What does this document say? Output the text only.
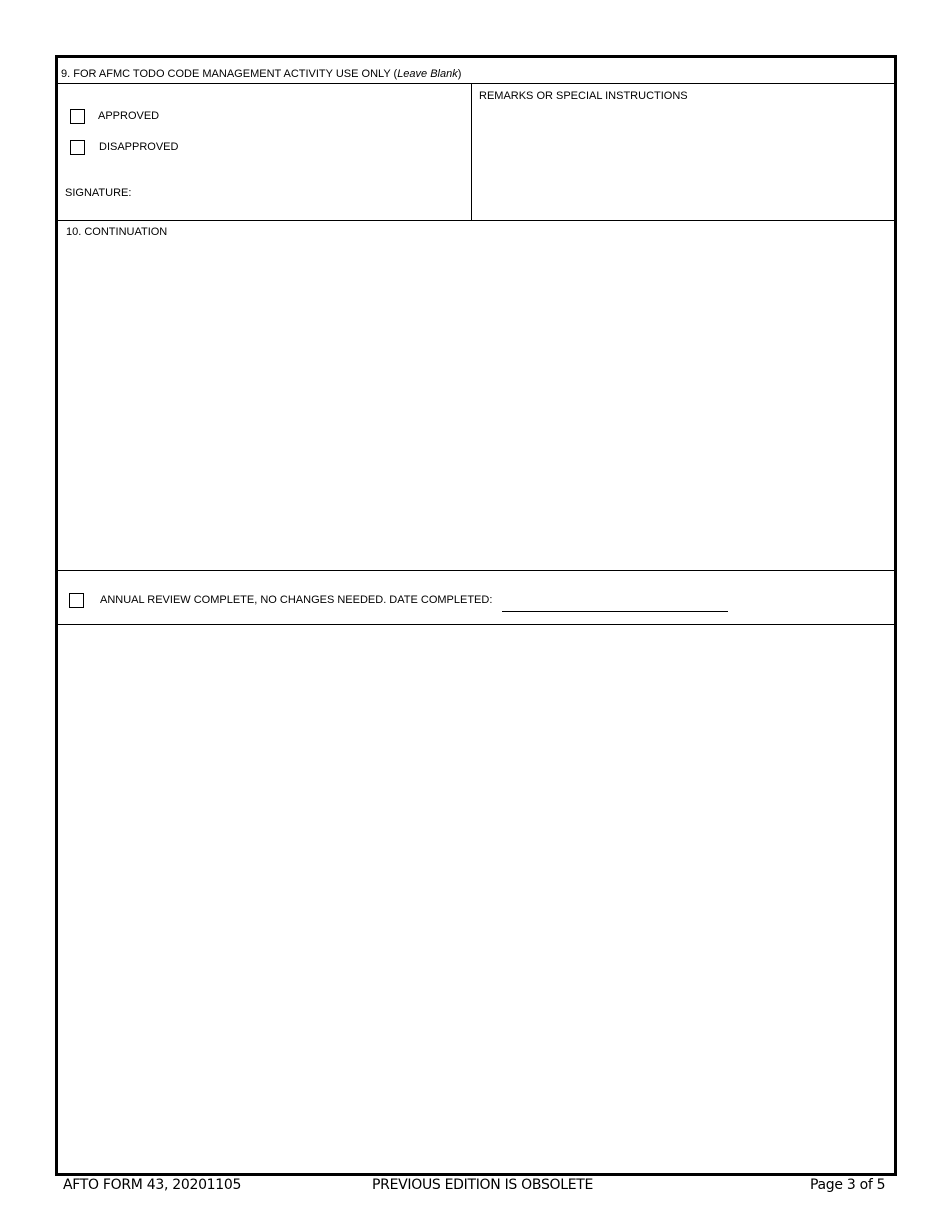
9. FOR AFMC TODO CODE MANAGEMENT ACTIVITY USE ONLY (Leave Blank)
APPROVED
DISAPPROVED
SIGNATURE:
REMARKS OR SPECIAL INSTRUCTIONS
10. CONTINUATION
ANNUAL REVIEW COMPLETE, NO CHANGES NEEDED. DATE COMPLETED:
AFTO FORM 43, 20201105	PREVIOUS EDITION IS OBSOLETE	Page 3 of 5
